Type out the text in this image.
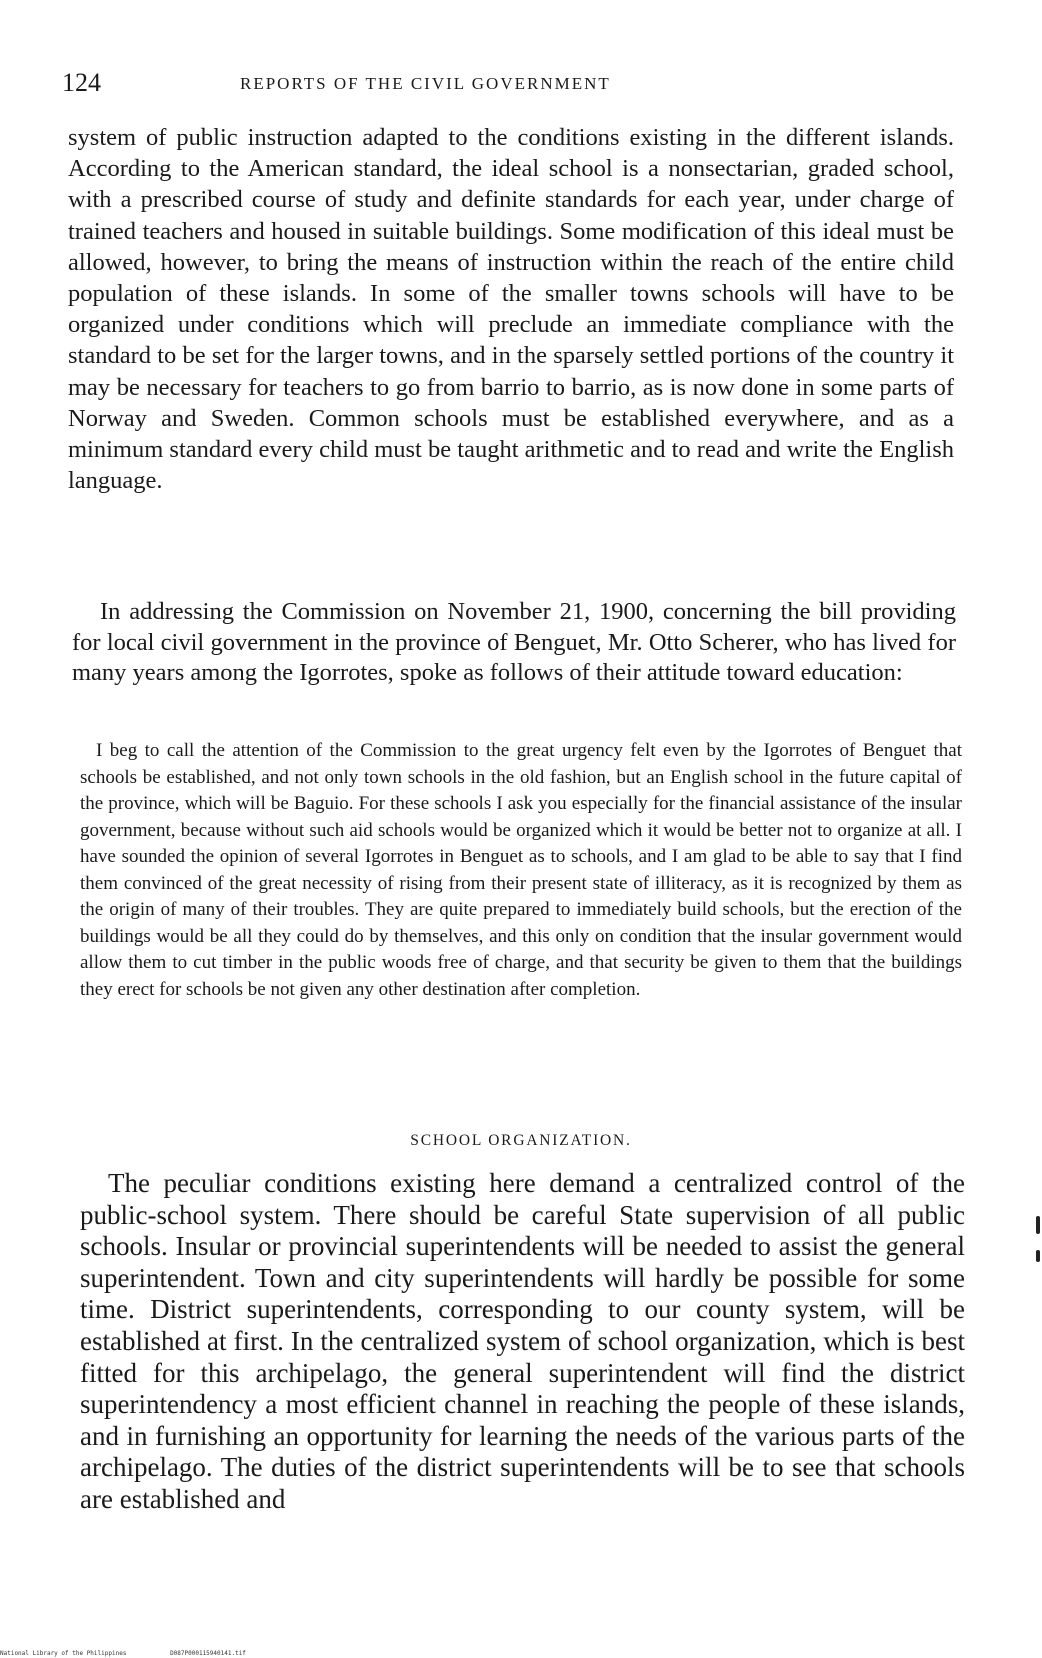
124	REPORTS OF THE CIVIL GOVERNMENT

system of public instruction adapted to the conditions existing in the different islands. According to the American standard, the ideal school is a nonsectarian, graded school, with a prescribed course of study and definite standards for each year, under charge of trained teachers and housed in suitable buildings. Some modification of this ideal must be allowed, however, to bring the means of instruction within the reach of the entire child population of these islands. In some of the smaller towns schools will have to be organized under conditions which will preclude an immediate compliance with the standard to be set for the larger towns, and in the sparsely settled portions of the country it may be necessary for teachers to go from barrio to barrio, as is now done in some parts of Norway and Sweden. Common schools must be established everywhere, and as a minimum standard every child must be taught arithmetic and to read and write the English language.

In addressing the Commission on November 21, 1900, concerning the bill providing for local civil government in the province of Benguet, Mr. Otto Scherer, who has lived for many years among the Igorrotes, spoke as follows of their attitude toward education:

I beg to call the attention of the Commission to the great urgency felt even by the Igorrotes of Benguet that schools be established, and not only town schools in the old fashion, but an English school in the future capital of the province, which will be Baguio. For these schools I ask you especially for the financial assistance of the insular government, because without such aid schools would be organized which it would be better not to organize at all. I have sounded the opinion of several Igorrotes in Benguet as to schools, and I am glad to be able to say that I find them convinced of the great necessity of rising from their present state of illiteracy, as it is recognized by them as the origin of many of their troubles. They are quite prepared to immediately build schools, but the erection of the buildings would be all they could do by themselves, and this only on condition that the insular government would allow them to cut timber in the public woods free of charge, and that security be given to them that the buildings they erect for schools be not given any other destination after completion.

SCHOOL ORGANIZATION.

The peculiar conditions existing here demand a centralized control of the public-school system. There should be careful State supervision of all public schools. Insular or provincial superintendents will be needed to assist the general superintendent. Town and city superintendents will hardly be possible for some time. District superintendents, corresponding to our county system, will be established at first. In the centralized system of school organization, which is best fitted for this archipelago, the general superintendent will find the district superintendency a most efficient channel in reaching the people of these islands, and in furnishing an opportunity for learning the needs of the various parts of the archipelago. The duties of the district superintendents will be to see that schools are established and

National Library of the Philippines	D087P000115940141.tif
